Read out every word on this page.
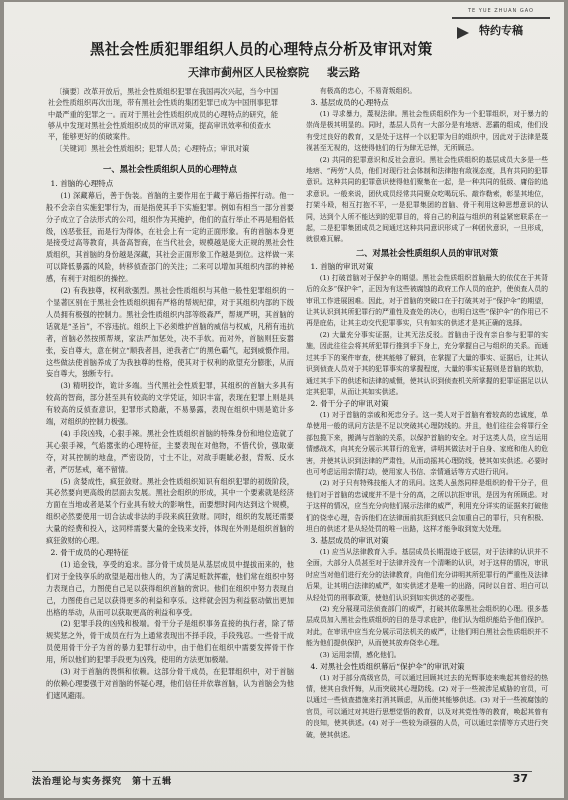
TE YUE ZHUAN GAO
特约专稿
黑社会性质犯罪组织人员的心理特点分析及审讯对策
天津市蓟州区人民检察院 裴云路

〔摘要〕改革开放后，黑社会性质组织犯罪在我国再次兴起，当今中国社会性质组织再次出现，带有黑社会性质的集团犯罪已成为中国刑事犯罪中最严重的犯罪之一。而对于黑社会性质组织成员的心理特点的研究，能够从中发现对黑社会性质组织成员的审讯对策，提高审讯效率和侦查水平，能够更好的侦破案件。

〔关键词〕黑社会性质组织；犯罪人员；心理特点；审讯对策

一、黑社会性质组织人员的心理特点

1. 首脑的心理特点

(1) 深藏幕后，善于伪装。首脑的主要作用在于藏于幕后指挥行动。他一般不会亲自实施犯罪行为，而是指使其手下实施犯罪。例如有相当一部分首要分子成立了合法形式的公司，组织作为其掩护，他们的直行举止不再是粗俗低级，凶恶张狂，而是行为得体，在社会上有一定的正面形象。有的首脑本身更是接受过高等教育，具备高智商，在当代社会，规模越是庞大正规的黑社会性质组织，其首脑的身份越是深藏，其社会正面形象工作越是到位。这样做一来可以降低暴露的风险，转移侦查部门的关注；二来可以增加其组织内部的神秘感，有利于对组织的操控。

(2) 有我独尊，权利欲强烈。黑社会性质组织与其他一般性犯罪组织的一个显著区别在于黑社会性质组织拥有严格的帮规纪律，对于其组织内部的下级人员拥有极强的控制力。黑社会性质组织内部等级森严，帮规严明，其首脑的话就是“圣旨”，不容违抗。组织上下必须维护首脑的威信与权威，凡稍有违抗者，首脑必然按照帮规，家法严加惩处，决不手软。而对外，首脑则狂妄嚣张，妄自尊大，意在树立“顺我者昌，逆我者亡”的黑色霸气，起到威慑作用。这些做法使首脑养成了为我独尊的性格，使其对于权利的欲望充分膨胀，从而妄自尊大，独断专行。

(3) 精明狡诈，诡计多端。当代黑社会性质犯罪，其组织的首脑大多具有较高的智商，部分甚至具有较高的文学凭证，知识丰富，表现在犯罪上则是具有较高的反侦查意识，犯罪形式隐蔽，不易暴露，表现在组织中则是诡计多端，对组织的控制力极强。

(4) 手段凶残，心狠手辣。黑社会性质组织首脑的特殊身份和地位造就了其心狠手辣，气焰嚣张的心理特征，主要表现在对他物，不惜代价，强取豪夺，对其控制的地盘，严密设防，寸土不让，对敌手睚眦必报，背叛、反水者，严厉惩戒，毫不留情。

(5) 贪婪成性，疯狂敛财。黑社会性质组织知识有组织犯罪的初级阶段，其必然要向更高级的层面去发展。黑社会组织的形成，其中一个要素就是经济方面在当地或者是某个行业具有较大的影响性，而要想时间内达到这个规模，组织必然要使用一切合法或非法的手段来疯狂敛财。同时，组织的发展还需要大量的经费和投入，这同样需要大量的金钱来支持，体现在外则是组织首脑的疯狂敛财的心理。

2. 骨干成员的心理特征

(1) 追金钱，享受的追求。部分骨干成员是从基层成员中提拔而来的，他们对于金钱享乐的欲望是超出他人的，为了满足赃款挥霍，他们常在组织中努力表现自己，力图使自己足以获得组织首脑的赏识。他们在组织中努力表现自己，力图使自己足以获得更多的利益和享乐。这样就会因为利益驱动做出更加出格的举动，从而可以获取更高的利益和享受。

(2) 犯罪手段的凶残和极端。骨干分子是组织事务直接的执行者，除了帮规奖惩之外，骨干成员在行为上通常表现出不择手段，手段残忍。一些骨干成员使用骨干分子为首的暴力犯罪行动中，由于他们在组织中需要发挥骨干作用，所以他们的犯罪手段更为凶残，使用的方法更加极端。

(3) 对于首脑的畏惧和依赖。这部分骨干成员，在犯罪组织中，对于首脑的依赖心理要强于对首脑的怀疑心理，他们信任并依靠首脑，认为首脑会为他们遮风避雨。

有极高的忠心，不易背叛组织。

3. 基层成员的心理特点

(1) 寻求暴力，蔑视法律。黑社会性质组织作为一个犯罪组织，对于暴力的崇尚是极其明显的。同时，基层人员有一大部分是有地痞、恶霸的组成，他们没有受过良好的教育，又是处于这样一个以犯罪为目的组织中，因此对于法律是蔑视甚至无视的，这使得他们的行为肆无忌惮，无所顾忌。

(2) 共同的犯罪意识和反社会意识。黑社会性质组织的基层成员大多是一些地痞、“两劳”人员，他们对现行社会体制和法律抱有敌视态度，具有共同的犯罪意识。这种共同的犯罪意识使得他们聚集在一起，是一种共同的低级、庸俗的追求意识。一般来说，团伙成员经常共同聚众吃喝玩乐、敲诈勒索，彰显其地位，打架斗殴，相互打抱不平，一是犯罪集团的首脑、骨干利用这种思想意识的认同，达到个人所不能达到的犯罪目的，将自己的利益与组织的利益紧密联系在一起，二是犯罪集团成员之间通过这种共同意识形成了一种团伙意识，一旦形成，就很难瓦解。

二、对黑社会性质组织人员的审讯对策

1. 首脑的审讯对策

(1) 打破首脑对于保护伞的期望。黑社会性质组织首脑最大的依仗在于其背后的众多“保护伞”，正因为有这些被腐蚀的政府工作人员的庇护，使侦查人员的审讯工作进展困难。因此，对于首脑的突破口在于打破其对于“保护伞”的期望，让其认识到其所犯罪行的严重性及查处的决心，也明白这些“保护伞”的作用已不再是庇佑，让其主动交代犯罪事实，只有如实的供述才是其正确的选择。

(2) 大量充分事实证据，让其无法反驳。首脑由于没有亲自参与犯罪的实施，因此往往会将其所犯罪行推到手下身上，充分掌握自己与组织的关系。而通过其手下的案件审查，使其能够了解到，在掌握了大量的事实、证据后，让其认识到侦查人员对于其的犯罪事实的掌握程度，大量的事实证据则是首脑的软肋，通过其手下的供述和法律的威慑，使其认识到侦查机关所掌握的犯罪证据足以认定其犯罪，从而让其如实供述。

2. 骨干分子的审讯对策

(1) 对于首脑的亲戚和死忠分子。这一类人对于首脑有着较高的忠诚度，单单使用一般的讯问方法是不足以突破其心理防线的。并且，他们往往会将罪行全部包揽下来，搬满与首脑的关系，以保护首脑的安全。对于这类人员，应当运用情感战术，向其充分展示其罪行的危害，讲明其做法对于自身、家庭和他人的危害，并使其认识到法律的严肃性，从而动摇其心理防线，使其如实供述。必要时也可考虑运用亲情打动，使用家人书信、亲情通话等方式进行讯问。

(2) 对于只有特殊技能人才的讯问。这类人虽然同样是组织的骨干分子，但他们对于首脑的忠诚度并不是十分的高，之所以抗拒审讯，是因为有所顾虑。对于这样的情况，应当充分向他们展示法律的威严，利用充分详实的证据来打破他们的侥幸心理，告诉他们在法律面前抗拒到底只会加重自己的罪行，只有积极、坦白的供述才是从轻处罚的唯一出路，这样才能争取到宽大处理。

3. 基层成员的审讯对策

(1) 应当从法律教育入手。基层成员长期混迹于底层，对于法律的认识并不全面，大部分人员甚至对于法律并没有一个清晰的认识，对于这样的情况，审讯时应当对他们进行充分的法律教育，向他们充分讲明其所犯罪行的严重性及法律后果，让其明白法律的威严，如实供述才是唯一的出路，同时以自首、坦白可以从轻处罚的刑事政策，使他们认识到如实供述的必要性。

(2) 充分展现司法侦查部门的威严，打破其依靠黑社会组织的心理。很多基层成员加入黑社会性质组织的目的是寻求庇护，他们认为组织能给予他们保护。对此，在审讯中应当充分展示司法机关的威严，让他们明白黑社会性质组织并不能为他们提供保护，从而使其放弃侥幸心理。

(3) 运用亲情，感化他们。

4. 对黑社会性质组织幕后“保护伞”的审讯对策

(1) 对于部分高级官员，可以通过回顾其过去的光辉事迹来唤起其曾经的热情，使其自我忏悔，从而突破其心理防线。(2) 对于一些被涉足威胁的官员，可以通过一些侦查措施来打消其顾虑，从而使其能够供述。(3) 对于一些被腐蚀的官员，可以通过对其进行思想觉悟的教育，以及对其党性等的教育，唤起其曾有的良知，使其供述。(4) 对于一些较为顽强的人员，可以通过亲情等方式进行突破，使其供述。

法治理论与实务探究 第十五辑	37
